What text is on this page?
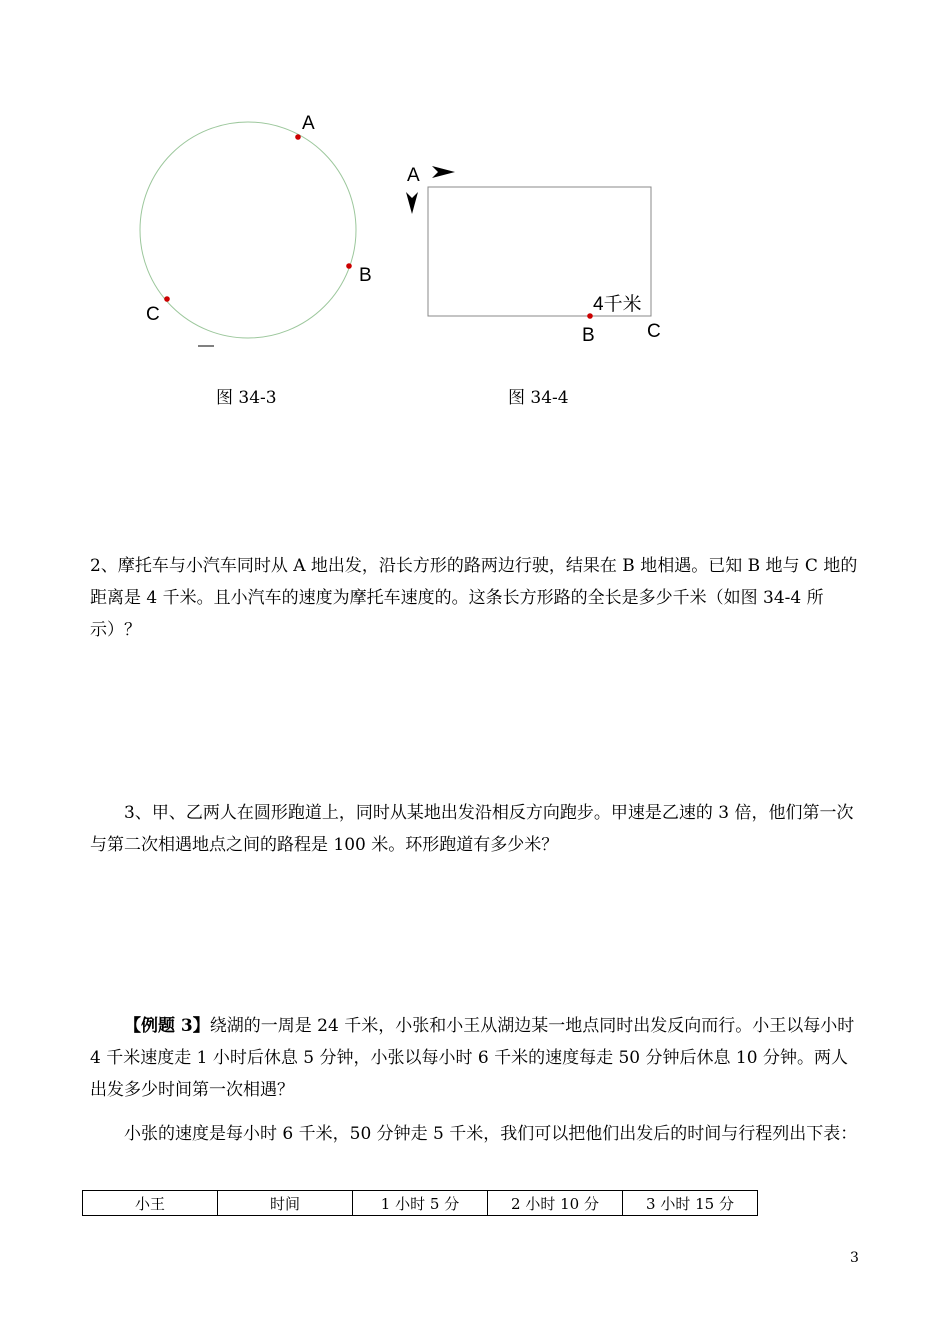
A
B
C
A
4千米
B	C
图 34-3	图 34-4

2、摩托车与小汽车同时从 A 地出发，沿长方形的路两边行驶，结果在 B 地相遇。已知 B 地与 C 地的距离是 4 千米。且小汽车的速度为摩托车速度的。这条长方形路的全长是多少千米（如图 34-4 所示）？

3、甲、乙两人在圆形跑道上，同时从某地出发沿相反方向跑步。甲速是乙速的 3 倍，他们第一次与第二次相遇地点之间的路程是 100 米。环形跑道有多少米？

【例题 3】绕湖的一周是 24 千米，小张和小王从湖边某一地点同时出发反向而行。小王以每小时 4 千米速度走 1 小时后休息 5 分钟，小张以每小时 6 千米的速度每走 50 分钟后休息 10 分钟。两人出发多少时间第一次相遇？

小张的速度是每小时 6 千米，50 分钟走 5 千米，我们可以把他们出发后的时间与行程列出下表：

小王	时间	1 小时 5 分	2 小时 10 分	3 小时 15 分
3
